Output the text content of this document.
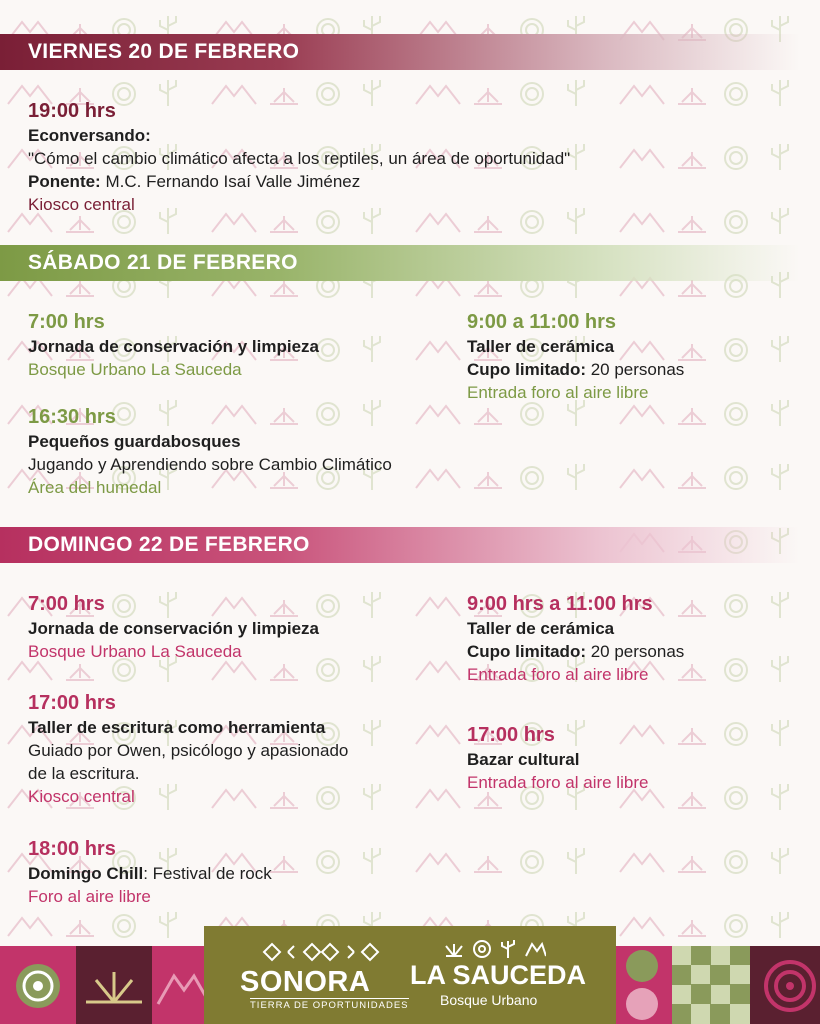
VIERNES 20 DE FEBRERO
19:00 hrs
Econversando:
"Cómo el cambio climático afecta a los reptiles, un área de oportunidad"
Ponente: M.C. Fernando Isaí Valle Jiménez
Kiosco central
SÁBADO 21 DE FEBRERO
7:00 hrs
Jornada de conservación y limpieza
Bosque Urbano La Sauceda
9:00 a 11:00 hrs
Taller de cerámica
Cupo limitado: 20 personas
Entrada foro al aire libre
16:30 hrs
Pequeños guardabosques
Jugando y Aprendiendo sobre Cambio Climático
Área del humedal
DOMINGO 22 DE FEBRERO
7:00 hrs
Jornada de conservación y limpieza
Bosque Urbano La Sauceda
9:00 hrs a 11:00 hrs
Taller de cerámica
Cupo limitado: 20 personas
Entrada foro al aire libre
17:00 hrs
Taller de escritura como herramienta
Guiado por Owen, psicólogo y apasionado
de la escritura.
Kiosco central
17:00 hrs
Bazar cultural
Entrada foro al aire libre
18:00 hrs
Domingo Chill: Festival de rock
Foro al aire libre
SONORA
TIERRA DE OPORTUNIDADES
LA SAUCEDA
Bosque Urbano
